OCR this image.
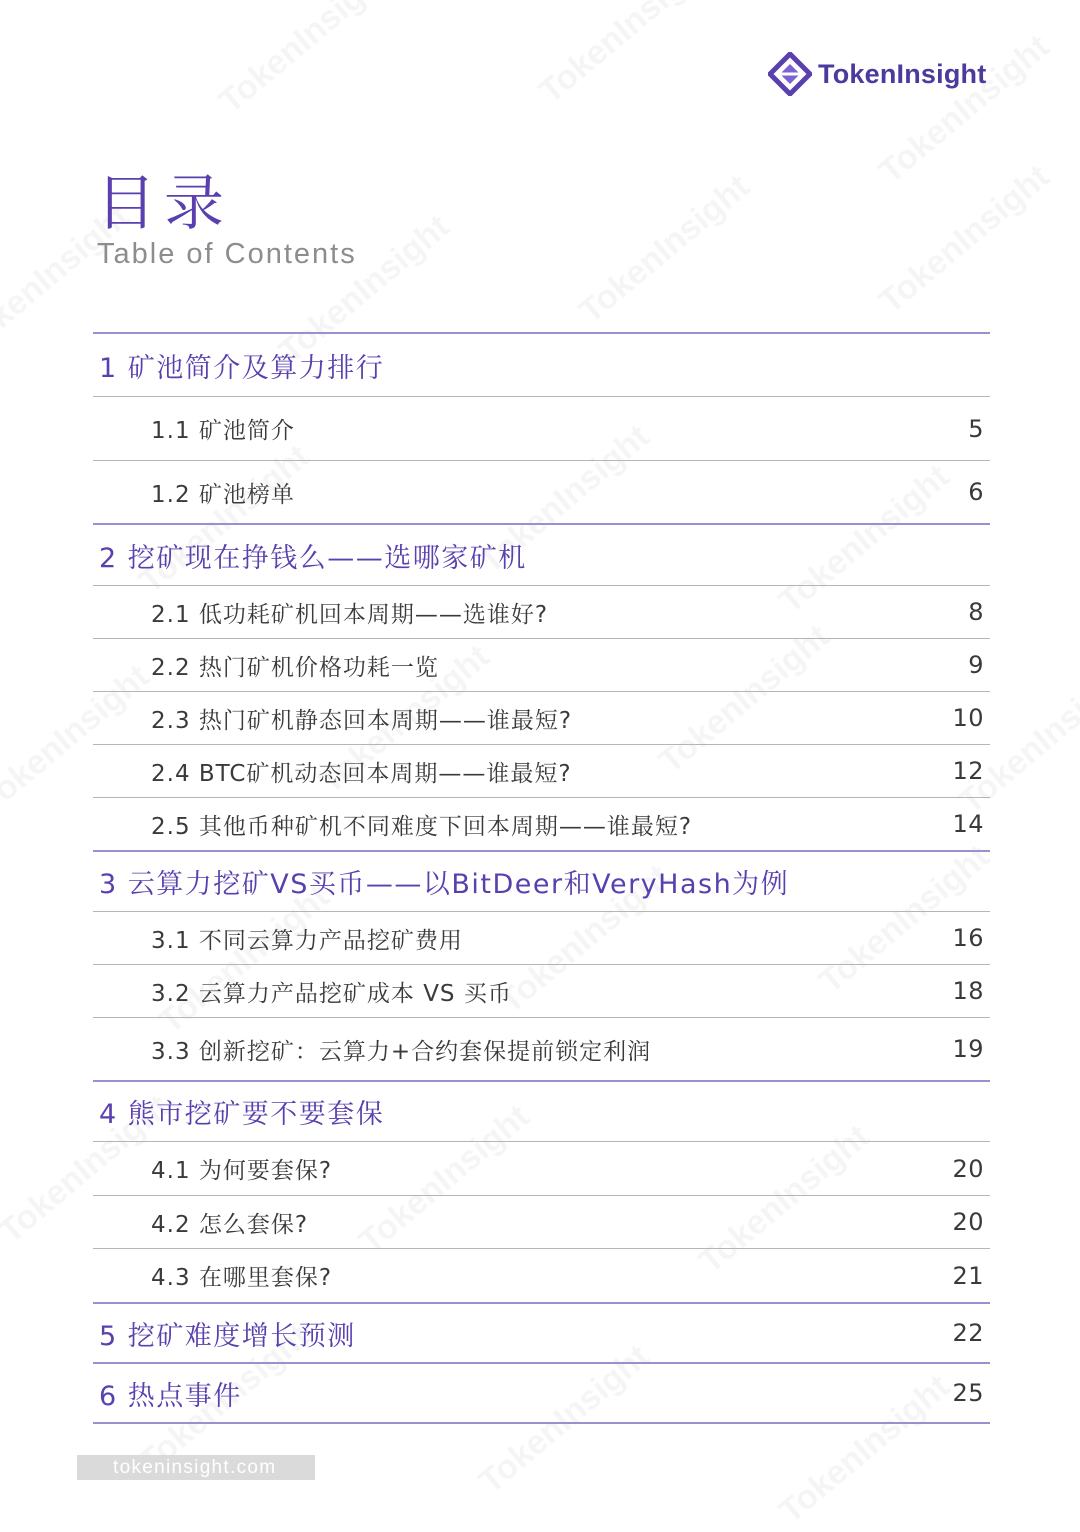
TokenInsight
目录
Table of Contents
1 矿池简介及算力排行
1.1 矿池简介	5
1.2 矿池榜单	6
2 挖矿现在挣钱么——选哪家矿机
2.1 低功耗矿机回本周期——选谁好?	8
2.2 热门矿机价格功耗一览	9
2.3 热门矿机静态回本周期——谁最短?	10
2.4 BTC矿机动态回本周期——谁最短?	12
2.5 其他币种矿机不同难度下回本周期——谁最短?	14
3 云算力挖矿VS买币——以BitDeer和VeryHash为例
3.1 不同云算力产品挖矿费用	16
3.2 云算力产品挖矿成本 VS 买币	18
3.3 创新挖矿：云算力+合约套保提前锁定利润	19
4 熊市挖矿要不要套保
4.1 为何要套保?	20
4.2 怎么套保?	20
4.3 在哪里套保?	21
5 挖矿难度增长预测	22
6 热点事件	25
tokeninsight.com
